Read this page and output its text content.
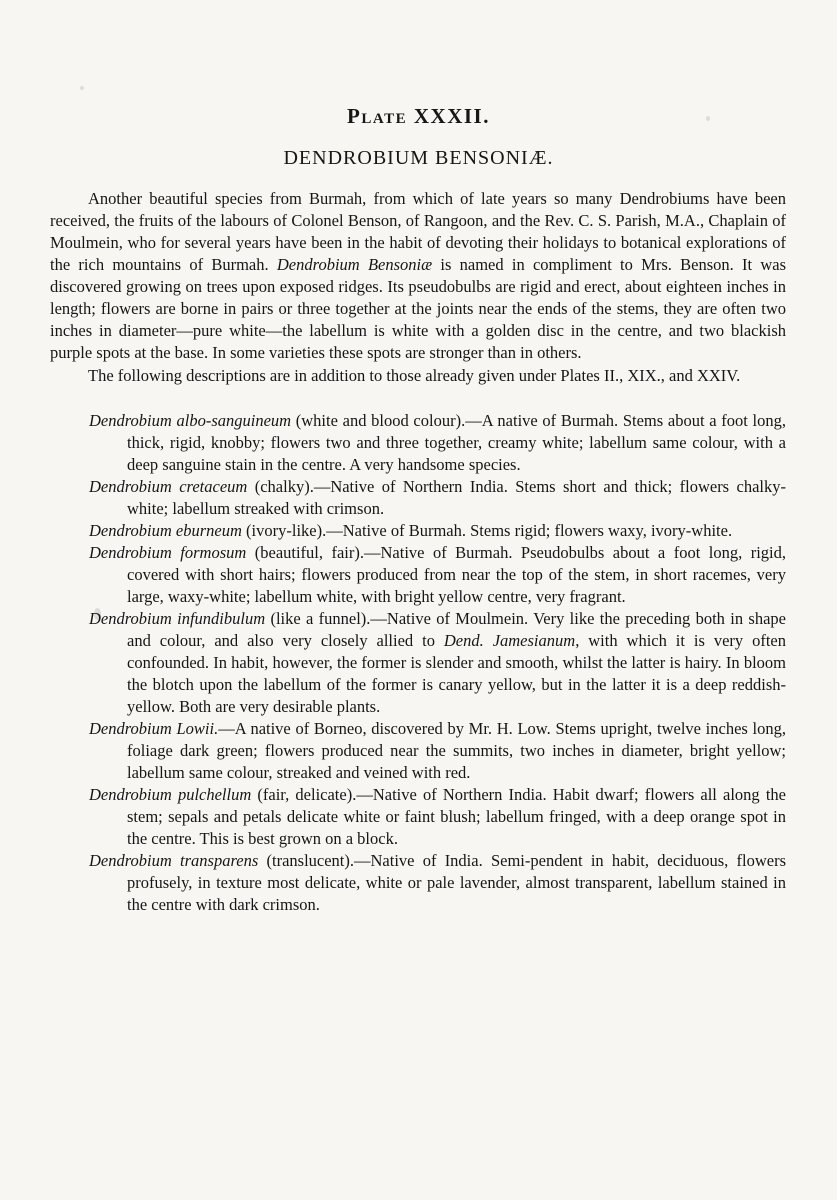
Plate XXXII.
DENDROBIUM BENSONIÆ.

Another beautiful species from Burmah, from which of late years so many Dendrobiums have been received, the fruits of the labours of Colonel Benson, of Rangoon, and the Rev. C. S. Parish, M.A., Chaplain of Moulmein, who for several years have been in the habit of devoting their holidays to botanical explorations of the rich mountains of Burmah. Dendrobium Bensoniæ is named in compliment to Mrs. Benson. It was discovered growing on trees upon exposed ridges. Its pseudobulbs are rigid and erect, about eighteen inches in length; flowers are borne in pairs or three together at the joints near the ends of the stems, they are often two inches in diameter—pure white—the labellum is white with a golden disc in the centre, and two blackish purple spots at the base. In some varieties these spots are stronger than in others.

The following descriptions are in addition to those already given under Plates II., XIX., and XXIV.

Dendrobium albo-sanguineum (white and blood colour).—A native of Burmah. Stems about a foot long, thick, rigid, knobby; flowers two and three together, creamy white; labellum same colour, with a deep sanguine stain in the centre. A very handsome species.

Dendrobium cretaceum (chalky).—Native of Northern India. Stems short and thick; flowers chalky-white; labellum streaked with crimson.

Dendrobium eburneum (ivory-like).—Native of Burmah. Stems rigid; flowers waxy, ivory-white.

Dendrobium formosum (beautiful, fair).—Native of Burmah. Pseudobulbs about a foot long, rigid, covered with short hairs; flowers produced from near the top of the stem, in short racemes, very large, waxy-white; labellum white, with bright yellow centre, very fragrant.

Dendrobium infundibulum (like a funnel).—Native of Moulmein. Very like the preceding both in shape and colour, and also very closely allied to Dend. Jamesianum, with which it is very often confounded. In habit, however, the former is slender and smooth, whilst the latter is hairy. In bloom the blotch upon the labellum of the former is canary yellow, but in the latter it is a deep reddish-yellow. Both are very desirable plants.

Dendrobium Lowii.—A native of Borneo, discovered by Mr. H. Low. Stems upright, twelve inches long, foliage dark green; flowers produced near the summits, two inches in diameter, bright yellow; labellum same colour, streaked and veined with red.

Dendrobium pulchellum (fair, delicate).—Native of Northern India. Habit dwarf; flowers all along the stem; sepals and petals delicate white or faint blush; labellum fringed, with a deep orange spot in the centre. This is best grown on a block.

Dendrobium transparens (translucent).—Native of India. Semi-pendent in habit, deciduous, flowers profusely, in texture most delicate, white or pale lavender, almost transparent, labellum stained in the centre with dark crimson.
